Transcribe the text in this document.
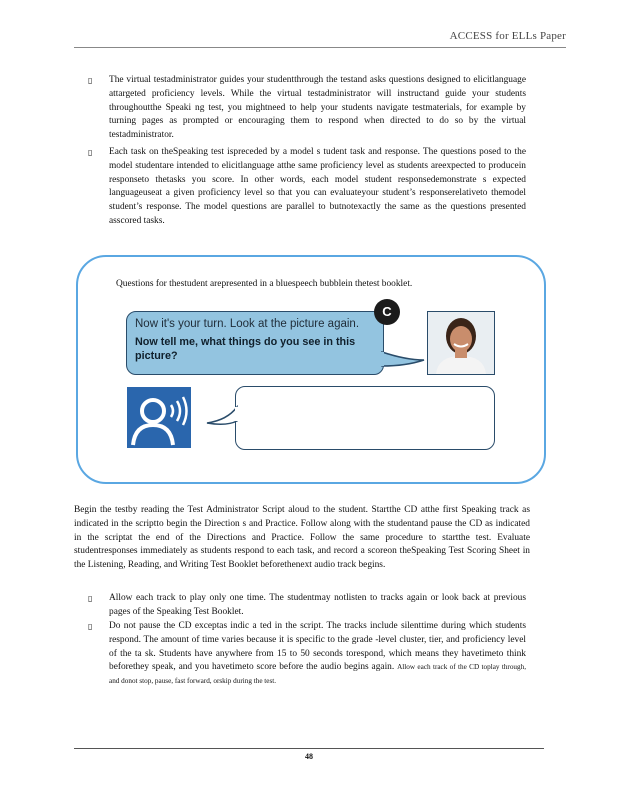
ACCESS for ELLs Paper
▯ The virtual testadministrator guides your studentthrough the testand asks questions designed to elicitlanguage attargeted proficiency levels. While the virtual testadministrator will instructand guide your students throughoutthe Speaki ng test, you mightneed to help your students navigate testmaterials, for example by turning pages as prompted or encouraging them to respond when directed to do so by the virtual testadministrator.
▯ Each task on theSpeaking test ispreceded by a model s tudent task and response. The questions posed to the model studentare intended to elicitlanguage atthe same proficiency level as students areexpected to producein responseto thetasks you score. In other words, each model student responsedemonstrate s expected languageuseat a given proficiency level so that you can evaluateyour student’s responserelativeto themodel student’s response. The model questions are parallel to butnotexactly the same as the questions presented asscored tasks.
Questions for thestudent arepresented in a bluespeech bubblein thetest booklet.
Now it's your turn. Look at the picture again.
Now tell me, what things do you see in this picture?
C
Begin the testby reading the Test Administrator Script aloud to the student. Startthe CD atthe first Speaking track as indicated in the scriptto begin the Direction s and Practice. Follow along with the studentand pause the CD as indicated in the scriptat the end of the Directions and Practice. Follow the same procedure to startthe test. Evaluate studentresponses immediately as students respond to each task, and record a scoreon theSpeaking Test Scoring Sheet in the Listening, Reading, and Writing Test Booklet beforethenext audio track begins.
▯ Allow each track to play only one time. The studentmay notlisten to tracks again or look back at previous pages of the Speaking Test Booklet.
▯ Do not pause the CD exceptas indic a ted in the script. The tracks include silenttime during which students respond. The amount of time varies because it is specific to the grade -level cluster, tier, and proficiency level of the ta sk. Students have anywhere from 15 to 50 seconds torespond, which means they havetimeto think beforethey speak, and you havetimeto score before the audio begins again. Allow each track of the CD toplay through, and donot stop, pause, fast forward, orskip during the test.
48
